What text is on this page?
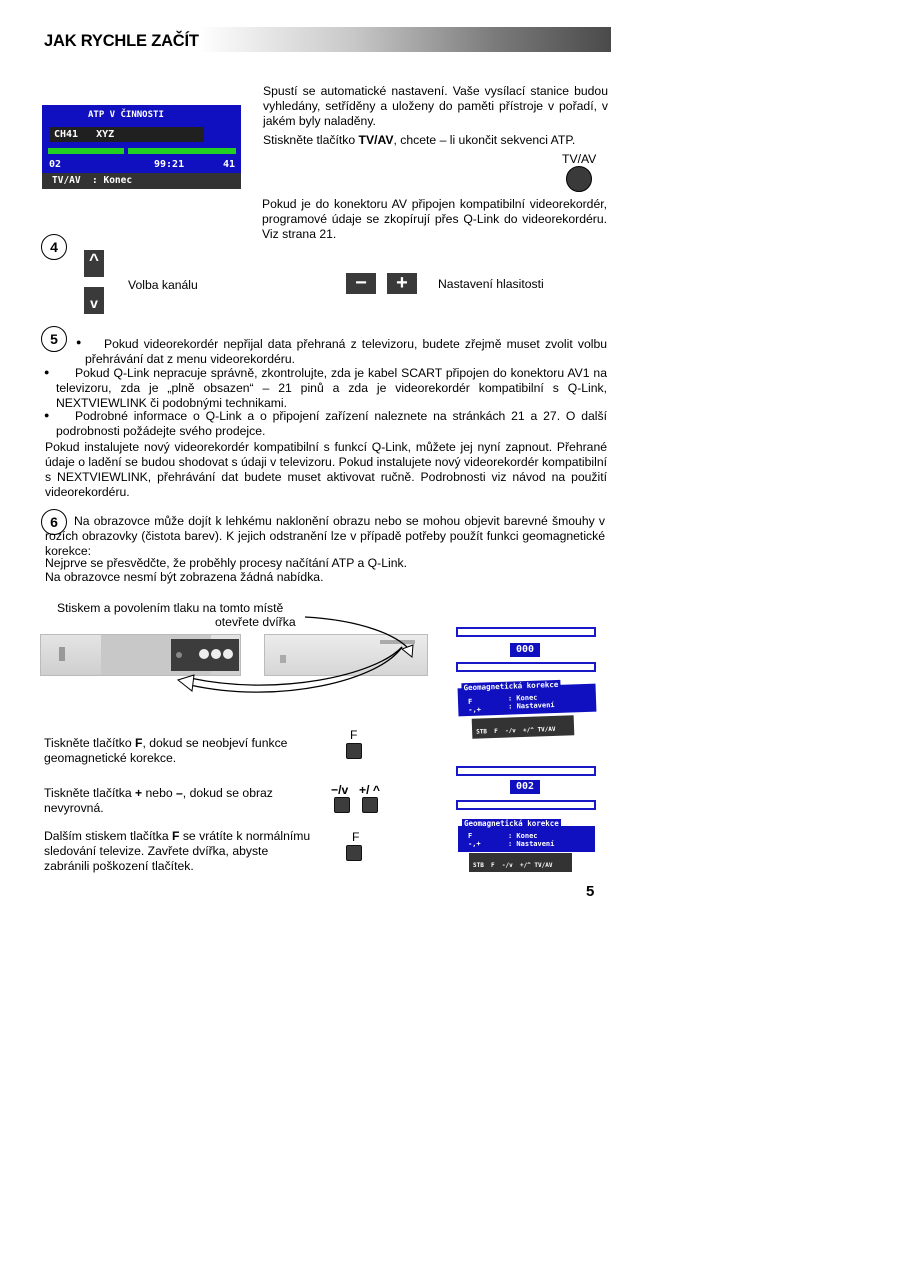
JAK RYCHLE ZAČÍT
ATP V ČINNOSTI
CH41   XYZ
02	99:21	41
TV/AV  : Konec
Spustí se automatické nastavení. Vaše vysílací stanice budou vyhledány, setříděny a uloženy do paměti přístroje v pořadí, v jakém byly naladěny.
Stiskněte tlačítko TV/AV, chcete – li ukončit sekvenci ATP.
TV/AV
Pokud je do konektoru AV připojen kompatibilní videorekordér, programové údaje se zkopírují přes Q-Link do videorekordéru. Viz strana 21.
4
^
v
Volba kanálu	−	+	Nastavení hlasitosti
5	●	Pokud videorekordér nepřijal data přehraná z televizoru, budete zřejmě muset zvolit volbu přehrávání dat z menu videorekordéru.
●	Pokud Q-Link nepracuje správně, zkontrolujte, zda je kabel SCART připojen do konektoru AV1 na televizoru, zda je „plně obsazen“ – 21 pinů a zda je videorekordér kompatibilní s Q-Link, NEXTVIEWLINK či podobnými technikami.
●	Podrobné informace o Q-Link a o připojení zařízení naleznete na stránkách 21 a 27. O další podrobnosti požádejte svého prodejce.
Pokud instalujete nový videorekordér kompatibilní s funkcí Q-Link, můžete jej nyní zapnout. Přehrané údaje o ladění se budou shodovat s údaji v televizoru. Pokud instalujete nový videorekordér kompatibilní s NEXTVIEWLINK, přehrávání dat budete muset aktivovat ručně. Podrobnosti viz návod na použití videorekordéru.
6	Na obrazovce může dojít k lehkému naklonění obrazu nebo se mohou objevit barevné šmouhy v rozích obrazovky (čistota barev). K jejich odstranění lze v případě potřeby použít funkci geomagnetické korekce:
Nejprve se přesvědčte, že proběhly procesy načítání ATP a Q-Link.
Na obrazovce nesmí být zobrazena žádná nabídka.
Stiskem a povolením tlaku na tomto místě
otevřete dvířka
000
Geomagnetická korekce
F	: Konec
-,+	: Nastavení
STB  F  -/v  +/^ TV/AV
002
Geomagnetická korekce
F	: Konec
-,+	: Nastavení
STB  F  -/v  +/^ TV/AV
Tiskněte tlačítko F, dokud se neobjeví funkce geomagnetické korekce.
F
Tiskněte tlačítka + nebo –, dokud se obraz nevyrovná.
−/v +/ ^
Dalším stiskem tlačítka F se vrátíte k normálnímu sledování televize. Zavřete dvířka, abyste zabránili poškození tlačítek.
F
5
